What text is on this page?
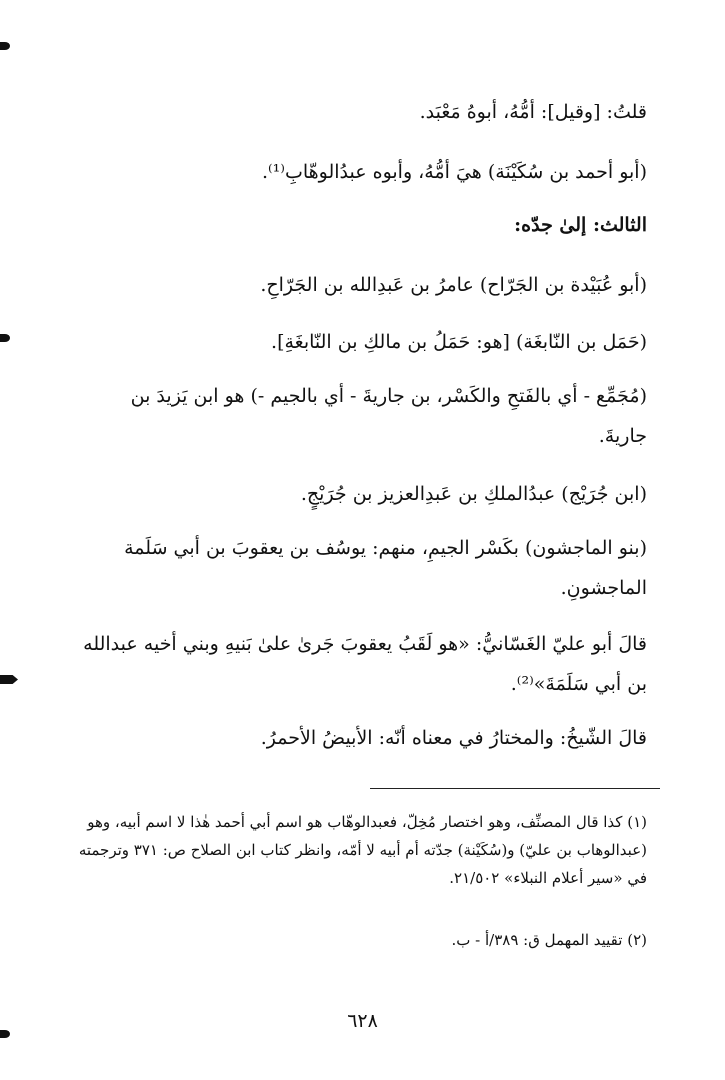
قلتُ: [وقيل]: أمُّهُ، أبوهُ مَعْبَد.
(أبو أحمد بن سُكَيْنَة) هيَ أمُّهُ، وأبوه عبدُالوهّابِ⁽¹⁾.
الثالث: إلىٰ جدّه:
(أبو عُبَيْدة بن الجَرّاح) عامرُ بن عَبدِالله بن الجَرّاحِ.
(حَمَل بن النّابغَة) [هو: حَمَلُ بن مالكِ بن النّابغَةِ].
(مُجَمِّع - أي بالفَتحِ والكَسْر، بن جاريةَ - أي بالجيم -) هو ابن يَزيدَ بن جاريةَ.
(ابن جُرَيْج) عبدُالملكِ بن عَبدِالعزيز بن جُرَيْجٍ.
(بنو الماجشون) بكَسْر الجيمِ، منهم: يوسُف بن يعقوبَ بن أبي سَلَمة الماجشونِ.
قالَ أبو عليّ الغَسّانيُّ: «هو لَقَبُ يعقوبَ جَرىٰ علىٰ بَنيهِ وبني أخيه عبدالله بن أبي سَلَمَةَ»⁽²⁾.
قالَ الشّيخُ: والمختارُ في معناه أنّه: الأبيضُ الأحمرُ.
(١) كذا قال المصنِّف، وهو اختصار مُخِلّ، فعبدالوهّاب هو اسم أبي أحمد هٰذا لا اسم أبيه، وهو (عبدالوهاب بن عليّ) و(سُكَيْنة) جدّته أم أبيه لا أمّه، وانظر كتاب ابن الصلاح ص: ٣٧١ وترجمته في «سير أعلام النبلاء» ٢١/٥٠٢.
(٢) تقييد المهمل ق: ٣٨٩/أ - ب.
٦٢٨
